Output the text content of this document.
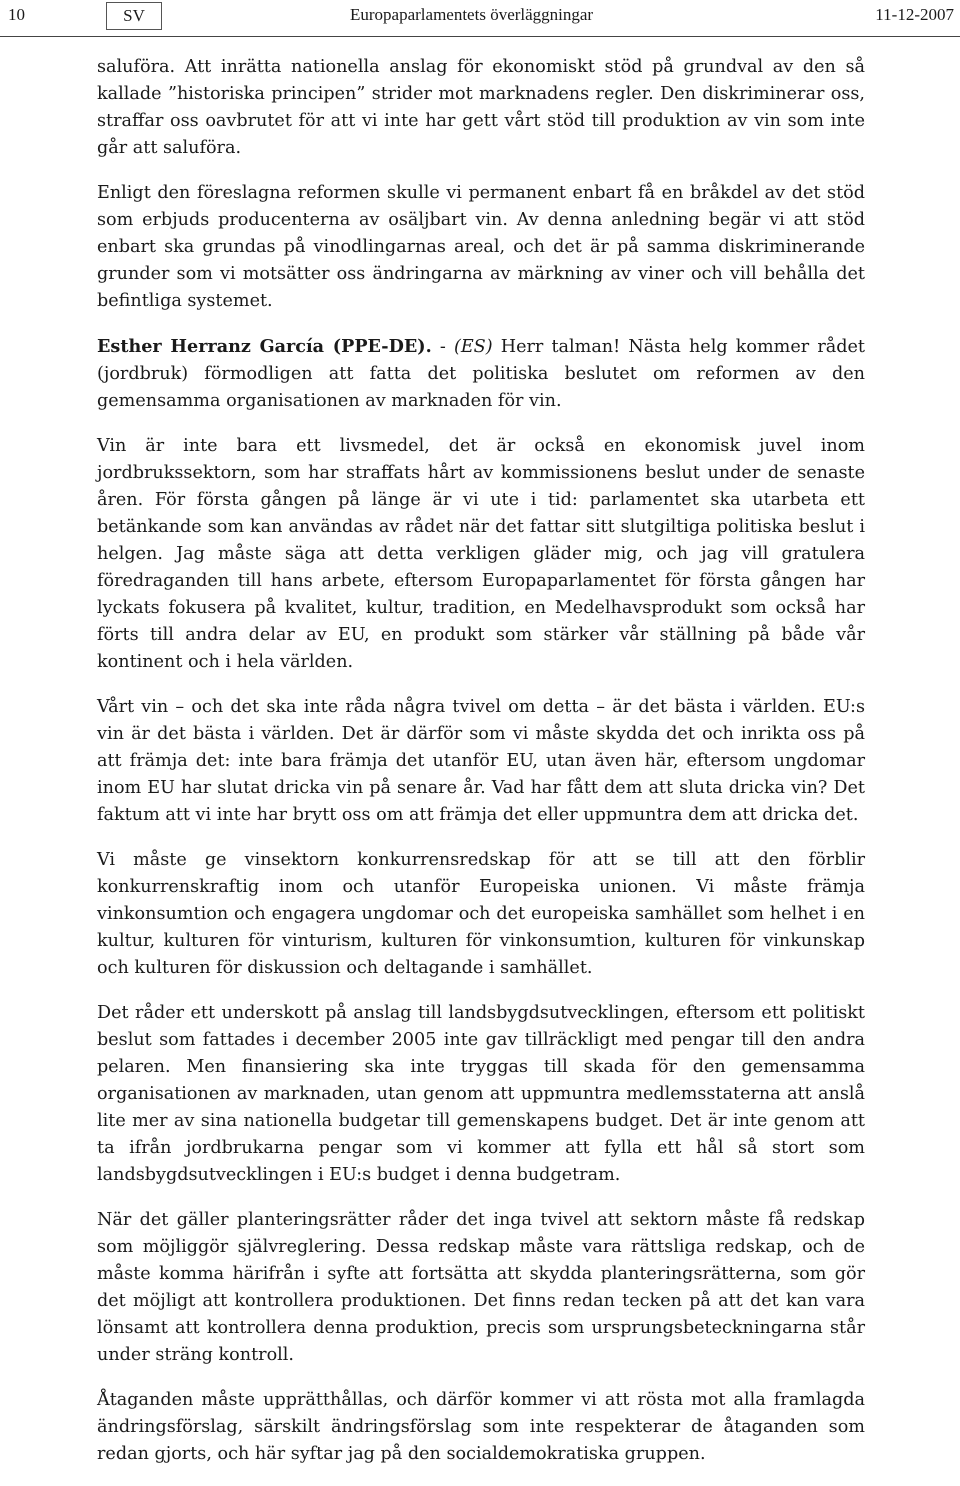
10	SV	Europaparlamentets överläggningar	11-12-2007

saluföra. Att inrätta nationella anslag för ekonomiskt stöd på grundval av den så kallade ”historiska principen” strider mot marknadens regler. Den diskriminerar oss, straffar oss oavbrutet för att vi inte har gett vårt stöd till produktion av vin som inte går att saluföra.

Enligt den föreslagna reformen skulle vi permanent enbart få en bråkdel av det stöd som erbjuds producenterna av osäljbart vin. Av denna anledning begär vi att stöd enbart ska grundas på vinodlingarnas areal, och det är på samma diskriminerande grunder som vi motsätter oss ändringarna av märkning av viner och vill behålla det befintliga systemet.

Esther Herranz García (PPE-DE). - (ES) Herr talman! Nästa helg kommer rådet (jordbruk) förmodligen att fatta det politiska beslutet om reformen av den gemensamma organisationen av marknaden för vin.

Vin är inte bara ett livsmedel, det är också en ekonomisk juvel inom jordbrukssektorn, som har straffats hårt av kommissionens beslut under de senaste åren. För första gången på länge är vi ute i tid: parlamentet ska utarbeta ett betänkande som kan användas av rådet när det fattar sitt slutgiltiga politiska beslut i helgen. Jag måste säga att detta verkligen gläder mig, och jag vill gratulera föredraganden till hans arbete, eftersom Europaparlamentet för första gången har lyckats fokusera på kvalitet, kultur, tradition, en Medelhavsprodukt som också har förts till andra delar av EU, en produkt som stärker vår ställning på både vår kontinent och i hela världen.

Vårt vin – och det ska inte råda några tvivel om detta – är det bästa i världen. EU:s vin är det bästa i världen. Det är därför som vi måste skydda det och inrikta oss på att främja det: inte bara främja det utanför EU, utan även här, eftersom ungdomar inom EU har slutat dricka vin på senare år. Vad har fått dem att sluta dricka vin? Det faktum att vi inte har brytt oss om att främja det eller uppmuntra dem att dricka det.

Vi måste ge vinsektorn konkurrensredskap för att se till att den förblir konkurrenskraftig inom och utanför Europeiska unionen. Vi måste främja vinkonsumtion och engagera ungdomar och det europeiska samhället som helhet i en kultur, kulturen för vinturism, kulturen för vinkonsumtion, kulturen för vinkunskap och kulturen för diskussion och deltagande i samhället.

Det råder ett underskott på anslag till landsbygdsutvecklingen, eftersom ett politiskt beslut som fattades i december 2005 inte gav tillräckligt med pengar till den andra pelaren. Men finansiering ska inte tryggas till skada för den gemensamma organisationen av marknaden, utan genom att uppmuntra medlemsstaterna att anslå lite mer av sina nationella budgetar till gemenskapens budget. Det är inte genom att ta ifrån jordbrukarna pengar som vi kommer att fylla ett hål så stort som landsbygdsutvecklingen i EU:s budget i denna budgetram.

När det gäller planteringsrätter råder det inga tvivel att sektorn måste få redskap som möjliggör självreglering. Dessa redskap måste vara rättsliga redskap, och de måste komma härifrån i syfte att fortsätta att skydda planteringsrätterna, som gör det möjligt att kontrollera produktionen. Det finns redan tecken på att det kan vara lönsamt att kontrollera denna produktion, precis som ursprungsbeteckningarna står under sträng kontroll.

Åtaganden måste upprätthållas, och därför kommer vi att rösta mot alla framlagda ändringsförslag, särskilt ändringsförslag som inte respekterar de åtaganden som redan gjorts, och här syftar jag på den socialdemokratiska gruppen.
